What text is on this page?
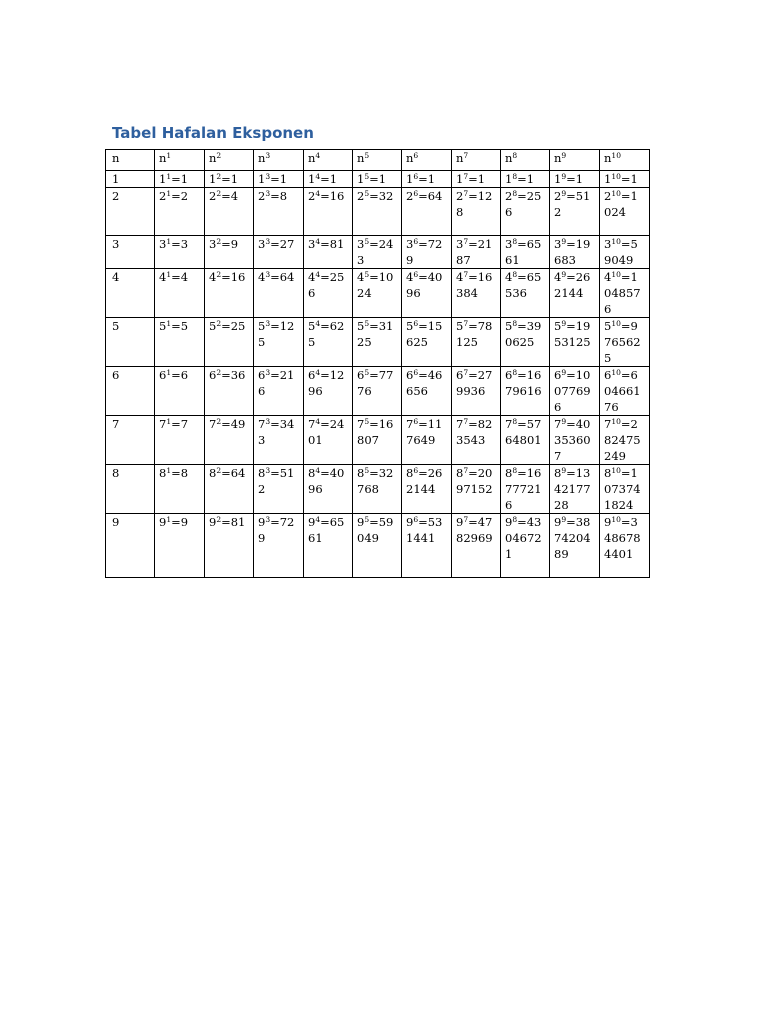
Tabel Hafalan Eksponen
n	$n^1$	$n^2$	$n^3$	$n^4$	$n^5$	$n^6$	$n^7$	$n^8$	$n^9$	$n^{10}$
1	$1^1=1$	$1^2=1$	$1^3=1$	$1^4=1$	$1^5=1$	$1^6=1$	$1^7=1$	$1^8=1$	$1^9=1$	$1^{10}=1$
2	$2^1=2$	$2^2=4$	$2^3=8$	$2^4=16$	$2^5=32$	$2^6=64$	$2^7=128$	$2^8=256$	$2^9=512$	$2^{10}=1024$
3	$3^1=3$	$3^2=9$	$3^3=27$	$3^4=81$	$3^5=243$	$3^6=729$	$3^7=2187$	$3^8=6561$	$3^9=19683$	$3^{10}=59049$
4	$4^1=4$	$4^2=16$	$4^3=64$	$4^4=256$	$4^5=1024$	$4^6=4096$	$4^7=16384$	$4^8=65536$	$4^9=262144$	$4^{10}=1048576$
5	$5^1=5$	$5^2=25$	$5^3=125$	$5^4=625$	$5^5=3125$	$5^6=15625$	$5^7=78125$	$5^8=390625$	$5^9=1953125$	$5^{10}=9765625$
6	$6^1=6$	$6^2=36$	$6^3=216$	$6^4=1296$	$6^5=7776$	$6^6=46656$	$6^7=279936$	$6^8=1679616$	$6^9=10077696$	$6^{10}=60466176$
7	$7^1=7$	$7^2=49$	$7^3=343$	$7^4=2401$	$7^5=16807$	$7^6=117649$	$7^7=823543$	$7^8=5764801$	$7^9=40353607$	$7^{10}=282475249$
8	$8^1=8$	$8^2=64$	$8^3=512$	$8^4=4096$	$8^5=32768$	$8^6=262144$	$8^7=2097152$	$8^8=16777216$	$8^9=134217728$	$8^{10}=1073741824$
9	$9^1=9$	$9^2=81$	$9^3=729$	$9^4=6561$	$9^5=59049$	$9^6=531441$	$9^7=4782969$	$9^8=43046721$	$9^9=387420489$	$9^{10}=3486784401$
